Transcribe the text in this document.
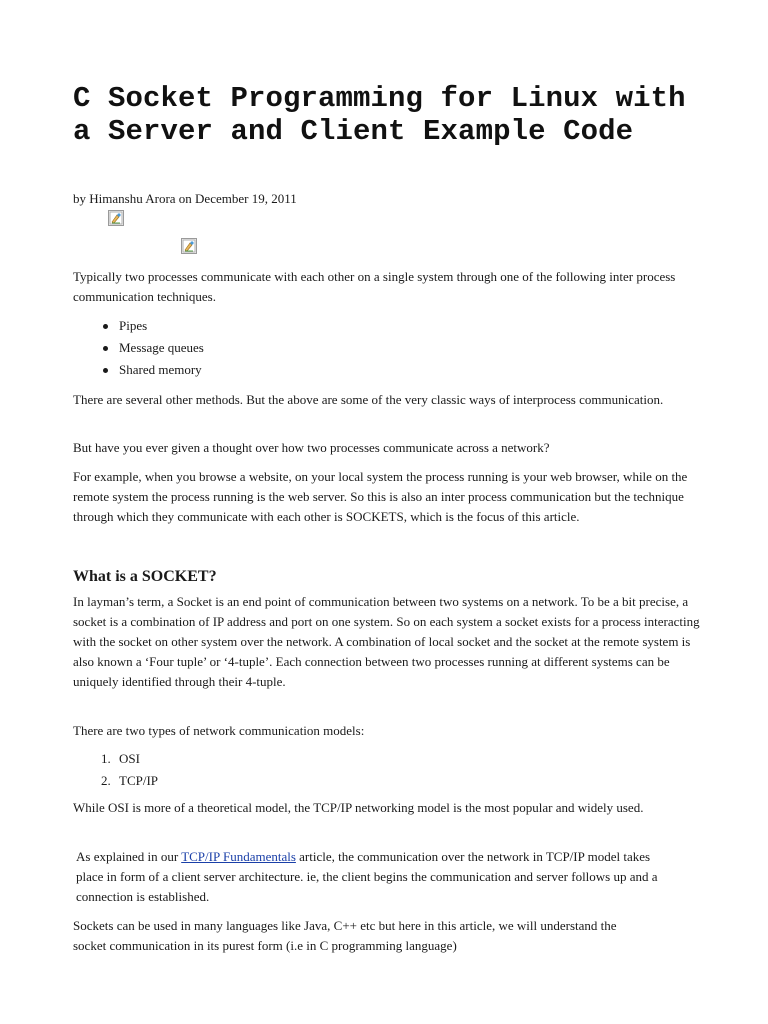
C Socket Programming for Linux with a Server and Client Example Code
by Himanshu Arora on December 19, 2011

Typically two processes communicate with each other on a single system through one of the following inter process communication techniques.

Pipes
Message queues
Shared memory

There are several other methods. But the above are some of the very classic ways of interprocess communication.

But have you ever given a thought over how two processes communicate across a network?

For example, when you browse a website, on your local system the process running is your web browser, while on the remote system the process running is the web server. So this is also an inter process communication but the technique through which they communicate with each other is SOCKETS, which is the focus of this article.

What is a SOCKET?

In layman’s term, a Socket is an end point of communication between two systems on a network. To be a bit precise, a socket is a combination of IP address and port on one system. So on each system a socket exists for a process interacting with the socket on other system over the network. A combination of local socket and the socket at the remote system is also known a ‘Four tuple’ or ‘4-tuple’. Each connection between two processes running at different systems can be uniquely identified through their 4-tuple.

There are two types of network communication models:

1. OSI
2. TCP/IP

While OSI is more of a theoretical model, the TCP/IP networking model is the most popular and widely used.

As explained in our TCP/IP Fundamentals article, the communication over the network in TCP/IP model takes place in form of a client server architecture. ie, the client begins the communication and server follows up and a connection is established.

Sockets can be used in many languages like Java, C++ etc but here in this article, we will understand the socket communication in its purest form (i.e in C programming language)
